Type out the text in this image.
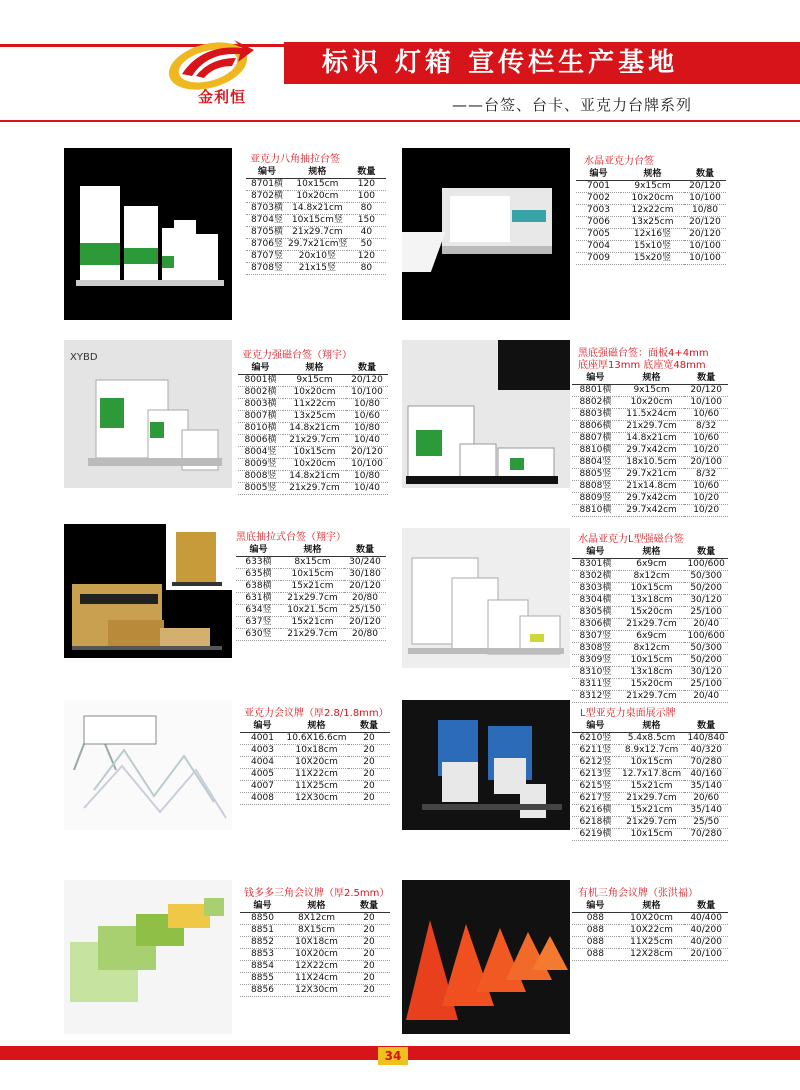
金利恒
标识 灯箱 宣传栏生产基地
——台签、台卡、亚克力台牌系列
亚克力八角抽拉台签
编号	规格	数量
8701横	10x15cm	120
8702横	10x20cm	100
8703横	14.8x21cm	80
8704竖	10x15cm竖	150
8705横	21x29.7cm	40
8706竖	29.7x21cm竖	50
8707竖	20x10竖	120
8708竖	21x15竖	80
水晶亚克力台签
编号	规格	数量
7001	9x15cm	20/120
7002	10x20cm	10/100
7003	12x22cm	10/80
7006	13x25cm	20/120
7005	12x16竖	20/120
7004	15x10竖	10/100
7009	15x20竖	10/100
XYBD	亚克力强磁台签（翔宇）
编号	规格	数量
8001横	9x15cm	20/120
8002横	10x20cm	10/100
8003横	11x22cm	10/80
8007横	13x25cm	10/60
8010横	14.8x21cm	10/80
8006横	21x29.7cm	10/40
8004竖	10x15cm	20/120
8009竖	10x20cm	10/100
8008竖	14.8x21cm	10/80
8005竖	21x29.7cm	10/40
黑底强磁台签：面板4+4mm
底座厚13mm 底座宽48mm
编号	规格	数量
8801横	9x15cm	20/120
8802横	10x20cm	10/100
8803横	11.5x24cm	10/60
8806横	21x29.7cm	8/32
8807横	14.8x21cm	10/60
8810横	29.7x42cm	10/20
8804竖	18x10.5cm	20/100
8805竖	29.7x21cm	8/32
8808竖	21x14.8cm	10/60
8809竖	29.7x42cm	10/20
8810横	29.7x42cm	10/20
黑底抽拉式台签（翔宇）
编号	规格	数量
633横	8x15cm	30/240
635横	10x15cm	30/180
638横	15x21cm	20/120
631横	21x29.7cm	20/80
634竖	10x21.5cm	25/150
637竖	15x21cm	20/120
630竖	21x29.7cm	20/80
水晶亚克力L型强磁台签
编号	规格	数量
8301横	6x9cm	100/600
8302横	8x12cm	50/300
8303横	10x15cm	50/200
8304横	13x18cm	30/120
8305横	15x20cm	25/100
8306横	21x29.7cm	20/40
8307竖	6x9cm	100/600
8308竖	8x12cm	50/300
8309竖	10x15cm	50/200
8310竖	13x18cm	30/120
8311竖	15x20cm	25/100
8312竖	21x29.7cm	20/40
亚克力会议牌（厚2.8/1.8mm）
编号	规格	数量
4001	10.6X16.6cm	20
4003	10x18cm	20
4004	10X20cm	20
4005	11X22cm	20
4007	11X25cm	20
4008	12X30cm	20
L型亚克力桌面展示牌
编号	规格	数量
6210竖	5.4x8.5cm	140/840
6211竖	8.9x12.7cm	40/320
6212竖	10x15cm	70/280
6213竖	12.7x17.8cm	40/160
6215竖	15x21cm	35/140
6217竖	21x29.7cm	20/60
6216横	15x21cm	35/140
6218横	21x29.7cm	25/50
6219横	10x15cm	70/280
钱多多三角会议牌（厚2.5mm）
编号	规格	数量
8850	8X12cm	20
8851	8X15cm	20
8852	10X18cm	20
8853	10X20cm	20
8854	12X22cm	20
8855	11X24cm	20
8856	12X30cm	20
有机三角会议牌（张洪福）
编号	规格	数量
088	10X20cm	40/400
088	10X22cm	40/200
088	11X25cm	40/200
088	12X28cm	20/100
34
